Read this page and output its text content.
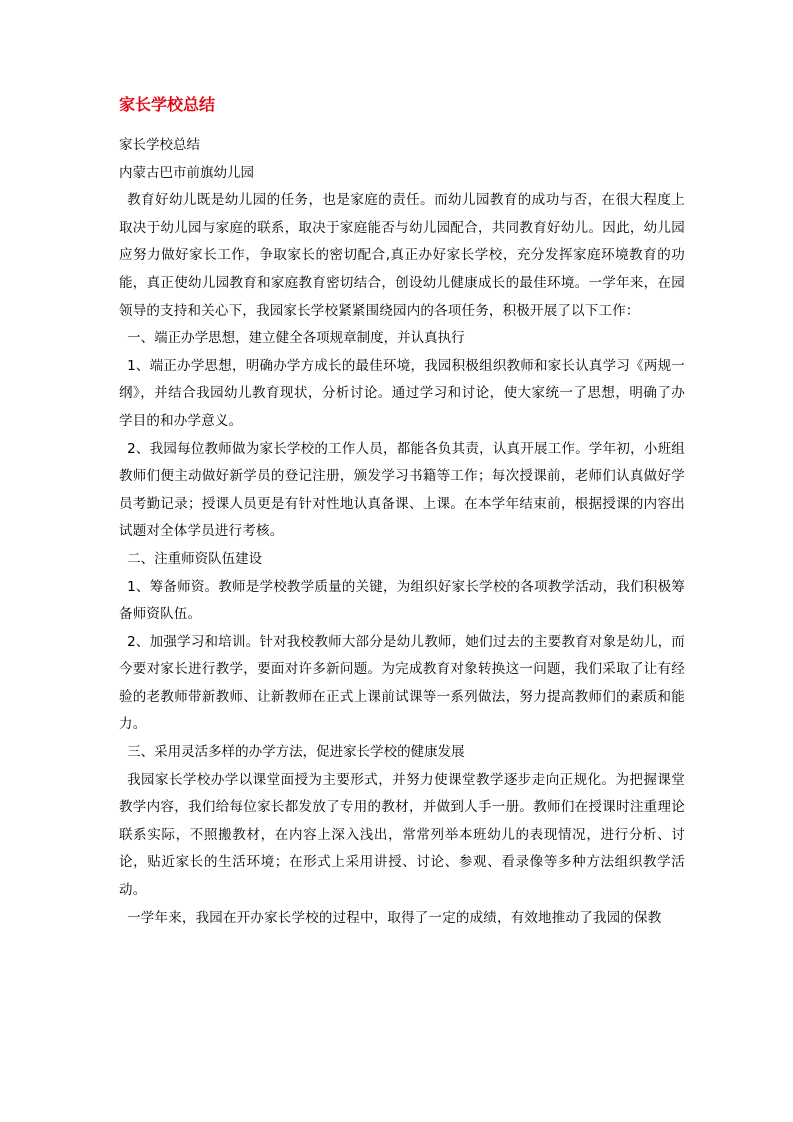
家长学校总结

家长学校总结

内蒙古巴市前旗幼儿园

教育好幼儿既是幼儿园的任务，也是家庭的责任。而幼儿园教育的成功与否，在很大程度上取决于幼儿园与家庭的联系，取决于家庭能否与幼儿园配合，共同教育好幼儿。因此，幼儿园应努力做好家长工作，争取家长的密切配合,真正办好家长学校，充分发挥家庭环境教育的功能，真正使幼儿园教育和家庭教育密切结合，创设幼儿健康成长的最佳环境。一学年来，在园领导的支持和关心下，我园家长学校紧紧围绕园内的各项任务，积极开展了以下工作：

一、端正办学思想，建立健全各项规章制度，并认真执行

1、端正办学思想，明确办学方成长的最佳环境，我园积极组织教师和家长认真学习《两规一纲》，并结合我园幼儿教育现状，分析讨论。通过学习和讨论，使大家统一了思想，明确了办学目的和办学意义。

2、我园每位教师做为家长学校的工作人员，都能各负其责，认真开展工作。学年初，小班组教师们便主动做好新学员的登记注册，颁发学习书籍等工作；每次授课前，老师们认真做好学员考勤记录；授课人员更是有针对性地认真备课、上课。在本学年结束前，根据授课的内容出试题对全体学员进行考核。

二、注重师资队伍建设

1、筹备师资。教师是学校教学质量的关键，为组织好家长学校的各项教学活动，我们积极筹备师资队伍。

2、加强学习和培训。针对我校教师大部分是幼儿教师，她们过去的主要教育对象是幼儿，而今要对家长进行教学，要面对许多新问题。为完成教育对象转换这一问题，我们采取了让有经验的老教师带新教师、让新教师在正式上课前试课等一系列做法，努力提高教师们的素质和能力。

三、采用灵活多样的办学方法，促进家长学校的健康发展

我园家长学校办学以课堂面授为主要形式，并努力使课堂教学逐步走向正规化。为把握课堂教学内容，我们给每位家长都发放了专用的教材，并做到人手一册。教师们在授课时注重理论联系实际，不照搬教材，在内容上深入浅出，常常列举本班幼儿的表现情况，进行分析、讨论，贴近家长的生活环境；在形式上采用讲授、讨论、参观、看录像等多种方法组织教学活动。

一学年来，我园在开办家长学校的过程中，取得了一定的成绩，有效地推动了我园的保教
